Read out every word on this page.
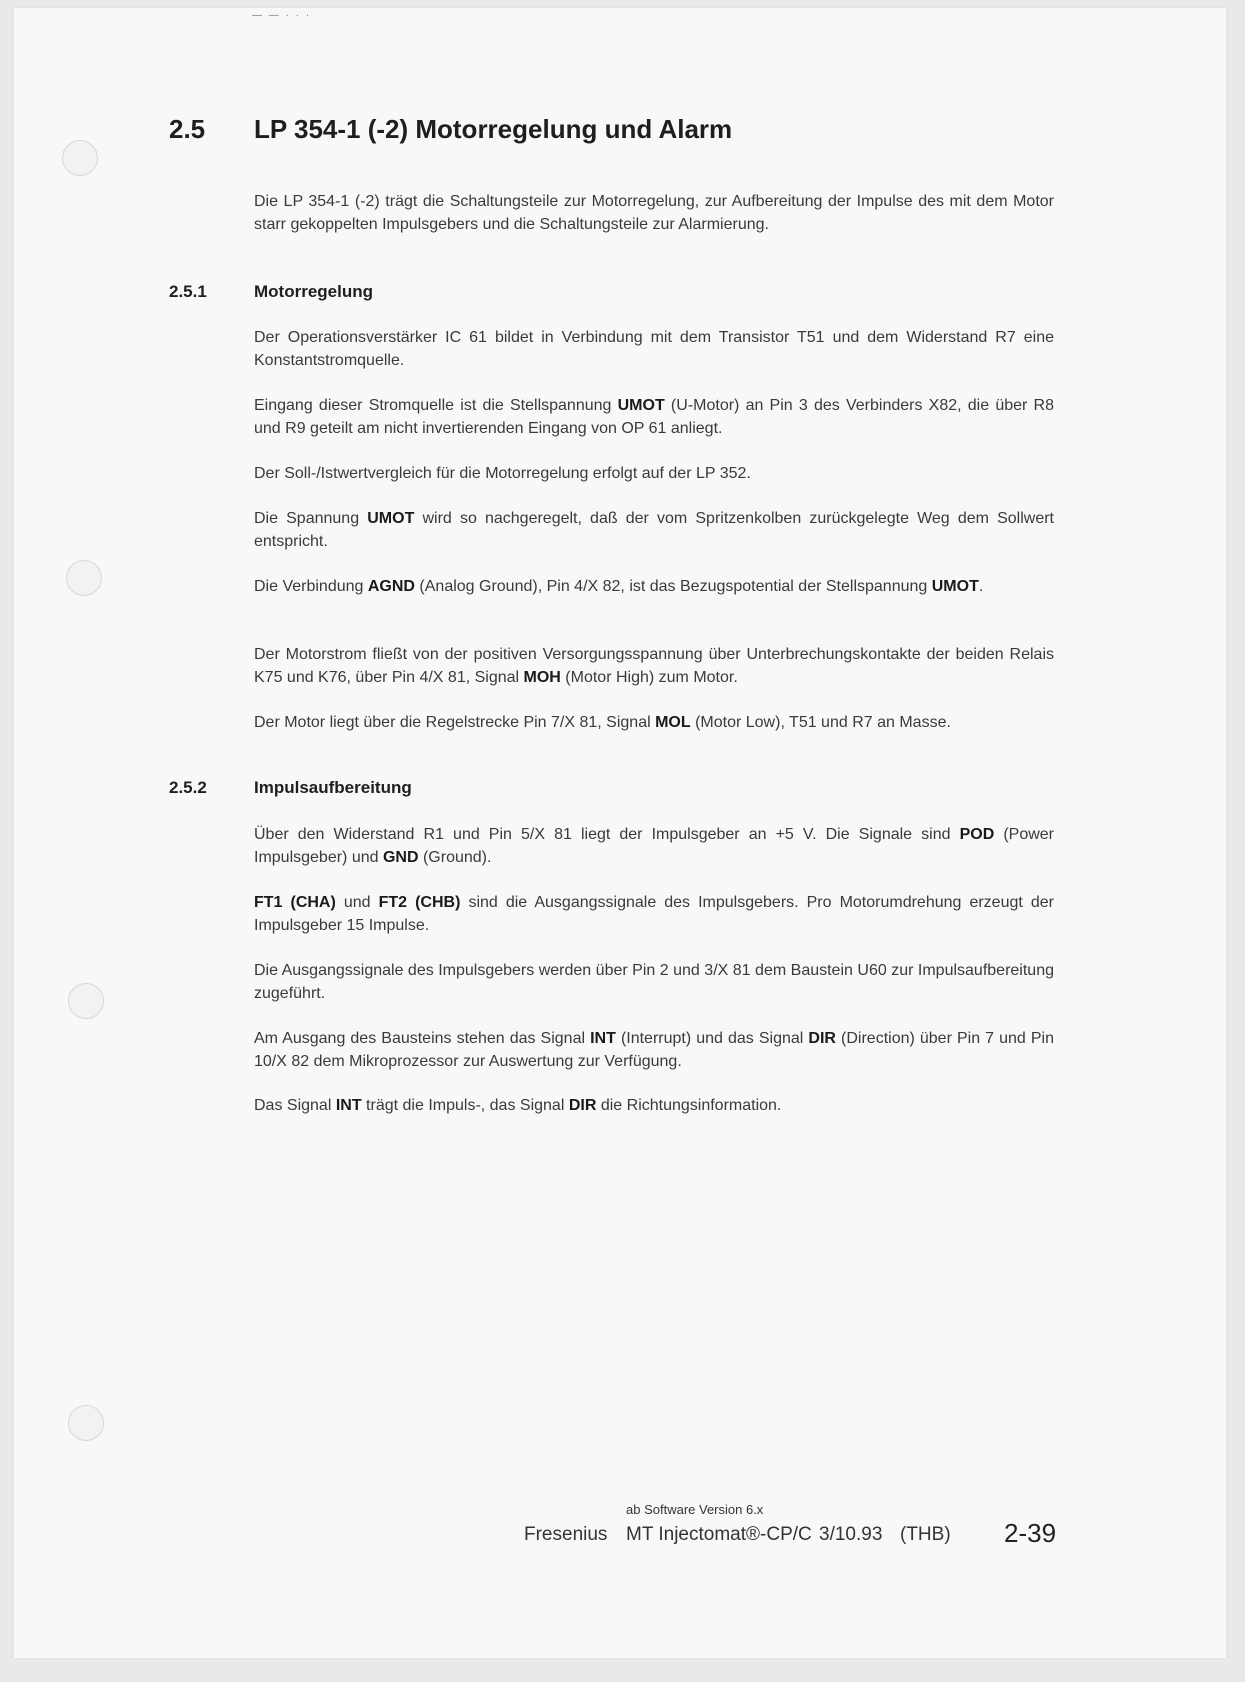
— — · · ·
2.5 LP 354-1 (-2) Motorregelung und Alarm
Die LP 354-1 (-2) trägt die Schaltungsteile zur Motorregelung, zur Aufbereitung der Impulse des mit dem Motor starr gekoppelten Impulsgebers und die Schaltungsteile zur Alarmierung.
2.5.1	Motorregelung
Der Operationsverstärker IC 61 bildet in Verbindung mit dem Transistor T51 und dem Widerstand R7 eine Konstantstromquelle.
Eingang dieser Stromquelle ist die Stellspannung UMOT (U-Motor) an Pin 3 des Verbinders X82, die über R8 und R9 geteilt am nicht invertierenden Eingang von OP 61 anliegt.
Der Soll-/Istwertvergleich für die Motorregelung erfolgt auf der LP 352.
Die Spannung UMOT wird so nachgeregelt, daß der vom Spritzenkolben zurückgelegte Weg dem Sollwert entspricht.
Die Verbindung AGND (Analog Ground), Pin 4/X 82, ist das Bezugspotential der Stellspannung UMOT.
Der Motorstrom fließt von der positiven Versorgungsspannung über Unterbrechungskontakte der beiden Relais K75 und K76, über Pin 4/X 81, Signal MOH (Motor High) zum Motor.
Der Motor liegt über die Regelstrecke Pin 7/X 81, Signal MOL (Motor Low), T51 und R7 an Masse.
2.5.2	Impulsaufbereitung
Über den Widerstand R1 und Pin 5/X 81 liegt der Impulsgeber an +5 V. Die Signale sind POD (Power Impulsgeber) und GND (Ground).
FT1 (CHA) und FT2 (CHB) sind die Ausgangssignale des Impulsgebers. Pro Motorumdrehung erzeugt der Impulsgeber 15 Impulse.
Die Ausgangssignale des Impulsgebers werden über Pin 2 und 3/X 81 dem Baustein U60 zur Impulsaufbereitung zugeführt.
Am Ausgang des Bausteins stehen das Signal INT (Interrupt) und das Signal DIR (Direction) über Pin 7 und Pin 10/X 82 dem Mikroprozessor zur Auswertung zur Verfügung.
Das Signal INT trägt die Impuls-, das Signal DIR die Richtungsinformation.
ab Software Version 6.x
Fresenius MT Injectomat®-CP/C 3/10.93 (THB) 2-39
